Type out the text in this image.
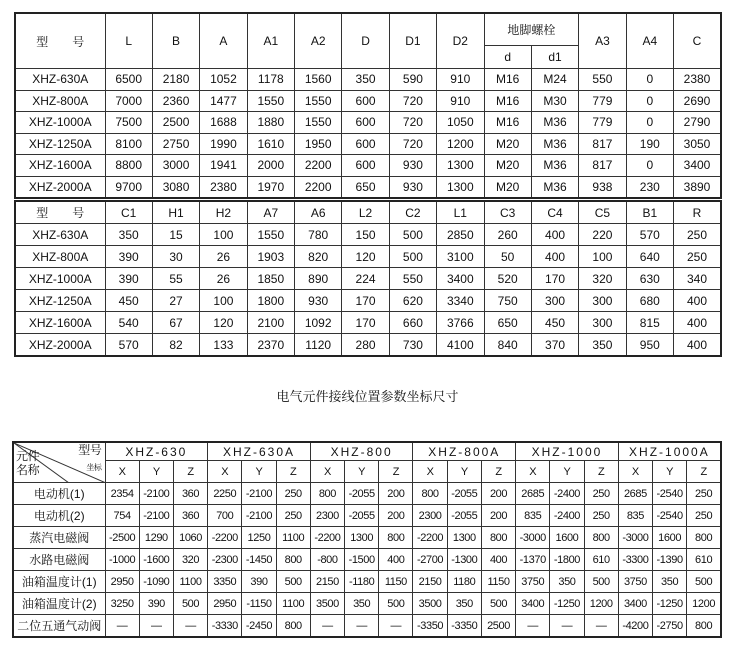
型　　号	L	B	A	A1	A2	D	D1	D2	地脚螺栓		A3	A4	C
									d	d1			
XHZ-630A	6500	2180	1052	1178	1560	350	590	910	M16	M24	550	0	2380
XHZ-800A	7000	2360	1477	1550	1550	600	720	910	M16	M30	779	0	2690
XHZ-1000A	7500	2500	1688	1880	1550	600	720	1050	M16	M36	779	0	2790
XHZ-1250A	8100	2750	1990	1610	1950	600	720	1200	M20	M36	817	190	3050
XHZ-1600A	8800	3000	1941	2000	2200	600	930	1300	M20	M36	817	0	3400
XHZ-2000A	9700	3080	2380	1970	2200	650	930	1300	M20	M36	938	230	3890
型　　号	C1	H1	H2	A7	A6	L2	C2	L1	C3	C4	C5	B1	R
XHZ-630A	350	15	100	1550	780	150	500	2850	260	400	220	570	250
XHZ-800A	390	30	26	1903	820	120	500	3100	50	400	100	640	250
XHZ-1000A	390	55	26	1850	890	224	550	3400	520	170	320	630	340
XHZ-1250A	450	27	100	1800	930	170	620	3340	750	300	300	680	400
XHZ-1600A	540	67	120	2100	1092	170	660	3766	650	450	300	815	400
XHZ-2000A	570	82	133	2370	1120	280	730	4100	840	370	350	950	400
电气元件接线位置参数坐标尺寸
型号
坐标
元件
名称	XHZ-630			XHZ-630A			XHZ-800			XHZ-800A			XHZ-1000			XHZ-1000A		
	X	Y	Z	X	Y	Z	X	Y	Z	X	Y	Z	X	Y	Z	X	Y	Z
电动机(1)	2354	-2100	360	2250	-2100	250	800	-2055	200	800	-2055	200	2685	-2400	250	2685	-2540	250
电动机(2)	754	-2100	360	700	-2100	250	2300	-2055	200	2300	-2055	200	835	-2400	250	835	-2540	250
蒸汽电磁阀	-2500	1290	1060	-2200	1250	1100	-2200	1300	800	-2200	1300	800	-3000	1600	800	-3000	1600	800
水路电磁阀	-1000	-1600	320	-2300	-1450	800	-800	-1500	400	-2700	-1300	400	-1370	-1800	610	-3300	-1390	610
油箱温度计(1)	2950	-1090	1100	3350	390	500	2150	-1180	1150	2150	1180	1150	3750	350	500	3750	350	500
油箱温度计(2)	3250	390	500	2950	-1150	1100	3500	350	500	3500	350	500	3400	-1250	1200	3400	-1250	1200
二位五通气动阀	—	—	—	-3330	-2450	800	—	—	—	-3350	-3350	2500	—	—	—	-4200	-2750	800
